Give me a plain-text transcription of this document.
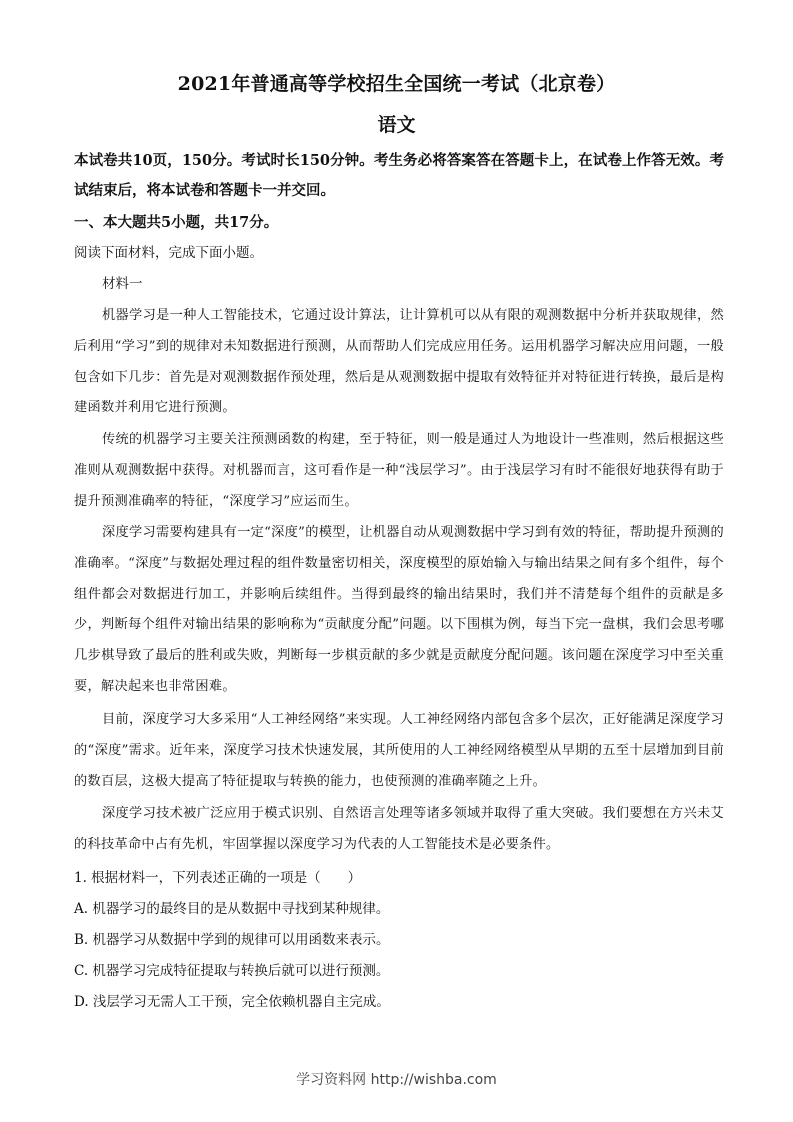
2021年普通高等学校招生全国统一考试（北京卷）
语文
本试卷共10页，150分。考试时长150分钟。考生务必将答案答在答题卡上，在试卷上作答无效。考试结束后，将本试卷和答题卡一并交回。
一、本大题共5小题，共17分。
阅读下面材料，完成下面小题。
材料一
机器学习是一种人工智能技术，它通过设计算法，让计算机可以从有限的观测数据中分析并获取规律，然后利用“学习”到的规律对未知数据进行预测，从而帮助人们完成应用任务。运用机器学习解决应用问题，一般包含如下几步：首先是对观测数据作预处理，然后是从观测数据中提取有效特征并对特征进行转换，最后是构建函数并利用它进行预测。
传统的机器学习主要关注预测函数的构建，至于特征，则一般是通过人为地设计一些准则，然后根据这些准则从观测数据中获得。对机器而言，这可看作是一种“浅层学习”。由于浅层学习有时不能很好地获得有助于提升预测准确率的特征，“深度学习”应运而生。
深度学习需要构建具有一定“深度”的模型，让机器自动从观测数据中学习到有效的特征，帮助提升预测的准确率。“深度”与数据处理过程的组件数量密切相关，深度模型的原始输入与输出结果之间有多个组件，每个组件都会对数据进行加工，并影响后续组件。当得到最终的输出结果时，我们并不清楚每个组件的贡献是多少，判断每个组件对输出结果的影响称为“贡献度分配”问题。以下围棋为例，每当下完一盘棋，我们会思考哪几步棋导致了最后的胜利或失败，判断每一步棋贡献的多少就是贡献度分配问题。该问题在深度学习中至关重要，解决起来也非常困难。
目前，深度学习大多采用“人工神经网络”来实现。人工神经网络内部包含多个层次，正好能满足深度学习的“深度”需求。近年来，深度学习技术快速发展，其所使用的人工神经网络模型从早期的五至十层增加到目前的数百层，这极大提高了特征提取与转换的能力，也使预测的准确率随之上升。
深度学习技术被广泛应用于模式识别、自然语言处理等诸多领域并取得了重大突破。我们要想在方兴未艾的科技革命中占有先机，牢固掌握以深度学习为代表的人工智能技术是必要条件。
1. 根据材料一，下列表述正确的一项是（　　）
A. 机器学习的最终目的是从数据中寻找到某种规律。
B. 机器学习从数据中学到的规律可以用函数来表示。
C. 机器学习完成特征提取与转换后就可以进行预测。
D. 浅层学习无需人工干预，完全依赖机器自主完成。
学习资料网 http://wishba.com
